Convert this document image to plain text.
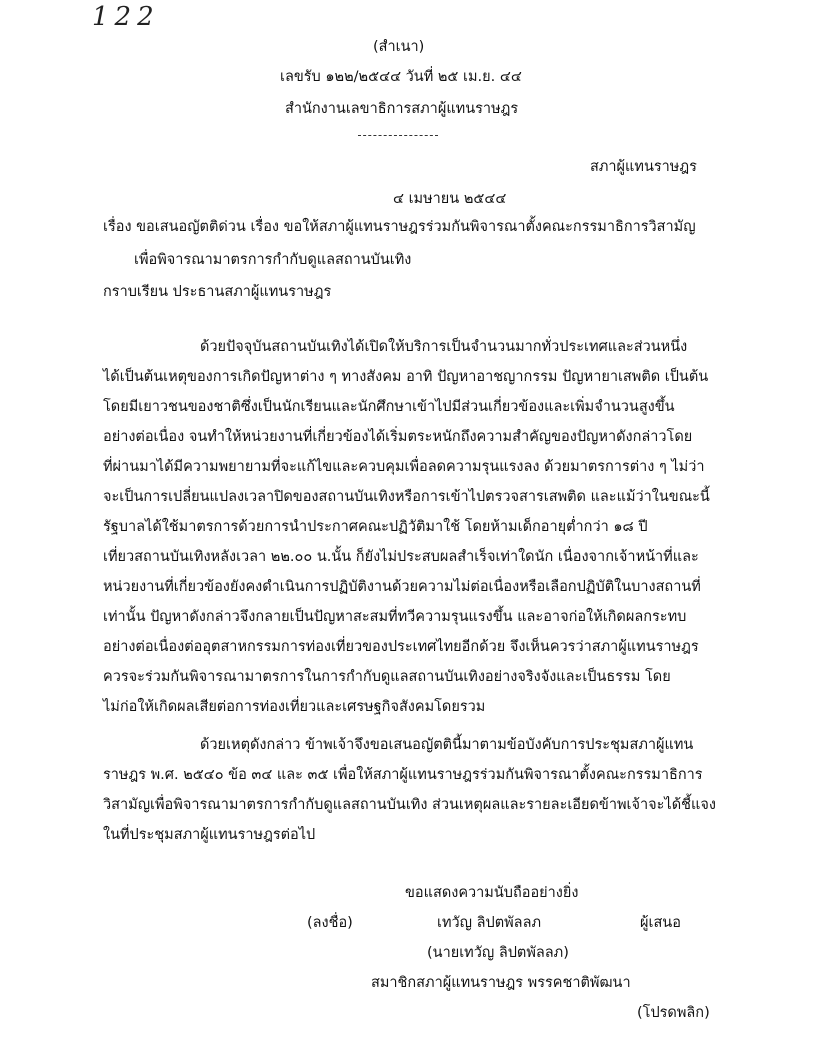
122
(สำเนา)
เลขรับ ๑๒๒/๒๕๔๔ วันที่ ๒๕ เม.ย. ๔๔
สำนักงานเลขาธิการสภาผู้แทนราษฎร
สภาผู้แทนราษฎร
๔ เมษายน ๒๕๔๔
เรื่อง ขอเสนอญัตติด่วน เรื่อง ขอให้สภาผู้แทนราษฎรร่วมกันพิจารณาตั้งคณะกรรมาธิการวิสามัญ
เพื่อพิจารณามาตรการกำกับดูแลสถานบันเทิง
กราบเรียน ประธานสภาผู้แทนราษฎร
ด้วยปัจจุบันสถานบันเทิงได้เปิดให้บริการเป็นจำนวนมากทั่วประเทศและส่วนหนึ่ง
ได้เป็นต้นเหตุของการเกิดปัญหาต่าง ๆ ทางสังคม อาทิ ปัญหาอาชญากรรม ปัญหายาเสพติด เป็นต้น
โดยมีเยาวชนของชาติซึ่งเป็นนักเรียนและนักศึกษาเข้าไปมีส่วนเกี่ยวข้องและเพิ่มจำนวนสูงขึ้น
อย่างต่อเนื่อง จนทำให้หน่วยงานที่เกี่ยวข้องได้เริ่มตระหนักถึงความสำคัญของปัญหาดังกล่าวโดย
ที่ผ่านมาได้มีความพยายามที่จะแก้ไขและควบคุมเพื่อลดความรุนแรงลง ด้วยมาตรการต่าง ๆ ไม่ว่า
จะเป็นการเปลี่ยนแปลงเวลาปิดของสถานบันเทิงหรือการเข้าไปตรวจสารเสพติด และแม้ว่าในขณะนี้
รัฐบาลได้ใช้มาตรการด้วยการนำประกาศคณะปฏิวัติมาใช้ โดยห้ามเด็กอายุต่ำกว่า ๑๘ ปี
เที่ยวสถานบันเทิงหลังเวลา ๒๒.๐๐ น.นั้น ก็ยังไม่ประสบผลสำเร็จเท่าใดนัก เนื่องจากเจ้าหน้าที่และ
หน่วยงานที่เกี่ยวข้องยังคงดำเนินการปฏิบัติงานด้วยความไม่ต่อเนื่องหรือเลือกปฏิบัติในบางสถานที่
เท่านั้น ปัญหาดังกล่าวจึงกลายเป็นปัญหาสะสมที่ทวีความรุนแรงขึ้น และอาจก่อให้เกิดผลกระทบ
อย่างต่อเนื่องต่ออุตสาหกรรมการท่องเที่ยวของประเทศไทยอีกด้วย จึงเห็นควรว่าสภาผู้แทนราษฎร
ควรจะร่วมกันพิจารณามาตรการในการกำกับดูแลสถานบันเทิงอย่างจริงจังและเป็นธรรม โดย
ไม่ก่อให้เกิดผลเสียต่อการท่องเที่ยวและเศรษฐกิจสังคมโดยรวม
ด้วยเหตุดังกล่าว ข้าพเจ้าจึงขอเสนอญัตตินี้มาตามข้อบังคับการประชุมสภาผู้แทน
ราษฎร พ.ศ. ๒๕๔๐ ข้อ ๓๔ และ ๓๕ เพื่อให้สภาผู้แทนราษฎรร่วมกันพิจารณาตั้งคณะกรรมาธิการ
วิสามัญเพื่อพิจารณามาตรการกำกับดูแลสถานบันเทิง ส่วนเหตุผลและรายละเอียดข้าพเจ้าจะได้ชี้แจง
ในที่ประชุมสภาผู้แทนราษฎรต่อไป
ขอแสดงความนับถืออย่างยิ่ง
(ลงชื่อ)	เทวัญ ลิปตพัลลภ	ผู้เสนอ
(นายเทวัญ ลิปตพัลลภ)
สมาชิกสภาผู้แทนราษฎร พรรคชาติพัฒนา
(โปรดพลิก)
